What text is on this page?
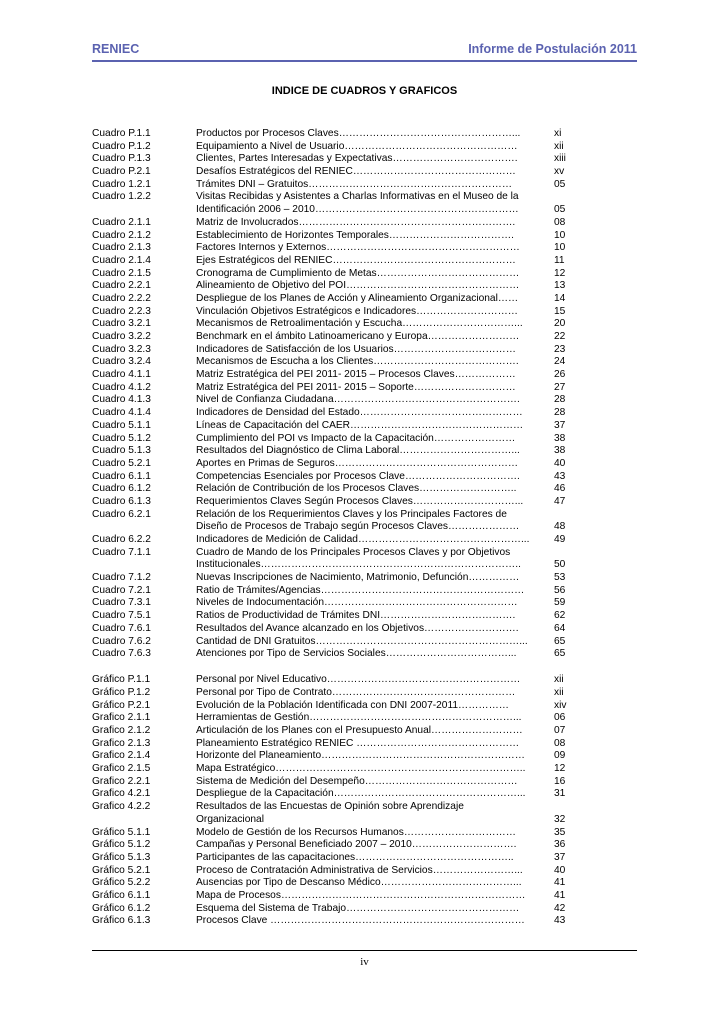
RENIEC	Informe de Postulación 2011
INDICE DE CUADROS Y GRAFICOS
Cuadro P.1.1	Productos por Procesos Claves……………………………………………...	xi
Cuadro P.1.2	Equipamiento a Nivel de Usuario……………………………………………	xii
Cuadro P.1.3	Clientes, Partes Interesadas y Expectativas……………………………….	xiii
Cuadro P.2.1	Desafíos Estratégicos del RENIEC…………………………………………	xv
Cuadro 1.2.1	Trámites DNI – Gratuitos……………………………………………………	05
Cuadro 1.2.2	Visitas Recibidas y Asistentes a Charlas Informativas en el Museo de la
Identificación 2006 – 2010……………………………………………………	05
Cuadro 2.1.1	Matriz de Involucrados……………………………………………………….	08
Cuadro 2.1.2	Establecimiento de Horizontes Temporales……………………………….	10
Cuadro 2.1.3	Factores Internos y Externos…………………………………………………	10
Cuadro 2.1.4	Ejes Estratégicos del RENIEC………………………………………………	11
Cuadro 2.1.5	Cronograma de Cumplimiento de Metas……………………………………	12
Cuadro 2.2.1	Alineamiento de Objetivo del POI……………………………………………	13
Cuadro 2.2.2	Despliegue de los Planes de Acción y Alineamiento Organizacional……	14
Cuadro 2.2.3	Vinculación Objetivos Estratégicos e Indicadores…………………………	15
Cuadro 3.2.1	Mecanismos de Retroalimentación y Escucha……………………………...	20
Cuadro 3.2.2	Benchmark en el ámbito Latinoamericano y Europa………………………	22
Cuadro 3.2.3	Indicadores de Satisfacción de los Usuarios………………………………	23
Cuadro 3.2.4	Mecanismos de Escucha a los Clientes…………………………………….	24
Cuadro 4.1.1	Matriz Estratégica del PEI 2011- 2015 – Procesos Claves………………	26
Cuadro 4.1.2	Matriz Estratégica del PEI 2011- 2015 – Soporte…………………………	27
Cuadro 4.1.3	Nivel de Confianza Ciudadana……………………………………………….	28
Cuadro 4.1.4	Indicadores de Densidad del Estado…………………………………………	28
Cuadro 5.1.1	Líneas de Capacitación del CAER……………………………………………	37
Cuadro 5.1.2	Cumplimiento del POI vs Impacto de la Capacitación……………………	38
Cuadro 5.1.3	Resultados del Diagnóstico de Clima Laboral……………………………...	38
Cuadro 5.2.1	Aportes en Primas de Seguros………………………………………………	40
Cuadro 6.1.1	Competencias Esenciales por Procesos Clave…………………………….	43
Cuadro 6.1.2	Relación de Contribución de los Procesos Claves………………………..	46
Cuadro 6.1.3	Requerimientos Claves Según Procesos Claves…………………………...	47
Cuadro 6.2.1	Relación de los Requerimientos Claves y los Principales Factores de
Diseño de Procesos de Trabajo según Procesos Claves…………………	48
Cuadro 6.2.2	Indicadores de Medición de Calidad…………………………………………...	49
Cuadro 7.1.1	Cuadro de Mando de los Principales Procesos Claves y por Objetivos
Institucionales…………………………………………………………………..	50
Cuadro 7.1.2	Nuevas Inscripciones de Nacimiento, Matrimonio, Defunción……………	53
Cuadro 7.2.1	Ratio de Trámites/Agencias……………………………………………………	56
Cuadro 7.3.1	Niveles de Indocumentación…………………………………………………	59
Cuadro 7.5.1	Ratios de Productividad de Trámites DNI………………………………….	62
Cuadro 7.6.1	Resultados del Avance alcanzado en los Objetivos……………………….	64
Cuadro 7.6.2	Cantidad de DNI Gratuitos……………………………………………………...	65
Cuadro 7.6.3	Atenciones por Tipo de Servicios Sociales………………………………...	65
Gráfico P.1.1	Personal por Nivel Educativo…………………………………………………	xii
Gráfico P.1.2	Personal por Tipo de Contrato………………………………………………	xii
Gráfico P.2.1	Evolución de la Población Identificada con DNI 2007-2011……………	xiv
Grafico 2.1.1	Herramientas de Gestión……………………………………………………...	06
Grafico 2.1.2	Articulación de los Planes con el Presupuesto Anual………………………	07
Grafico 2.1.3	Planeamiento Estratégico RENIEC …………………………………………	08
Grafico 2.1.4	Horizonte del Planeamiento……………………………………………………	09
Grafico 2.1.5	Mapa Estratégico………………………………………………………………..	12
Grafico 2.2.1	Sistema de Medición del Desempeño………………………………………	16
Grafico 4.2.1	Despliegue de la Capacitación………………………………………………...	31
Grafico 4.2.2	Resultados de las Encuestas de Opinión sobre Aprendizaje
Organizacional	32
Gráfico 5.1.1	Modelo de Gestión de los Recursos Humanos……………………………	35
Gráfico 5.1.2	Campañas y Personal Beneficiado 2007 – 2010………………………….	36
Gráfico 5.1.3	Participantes de las capacitaciones………………………………………..	37
Gráfico 5.2.1	Proceso de Contratación Administrativa de Servicios……………………...	40
Gráfico 5.2.2	Ausencias por Tipo de Descanso Médico…………………………………...	41
Gráfico 6.1.1	Mapa de Procesos………………………………………………………………	41
Gráfico 6.1.2	Esquema del Sistema de Trabajo……………………………………………	42
Gráfico 6.1.3	Procesos Clave …………………………………………………………………	43
iv
